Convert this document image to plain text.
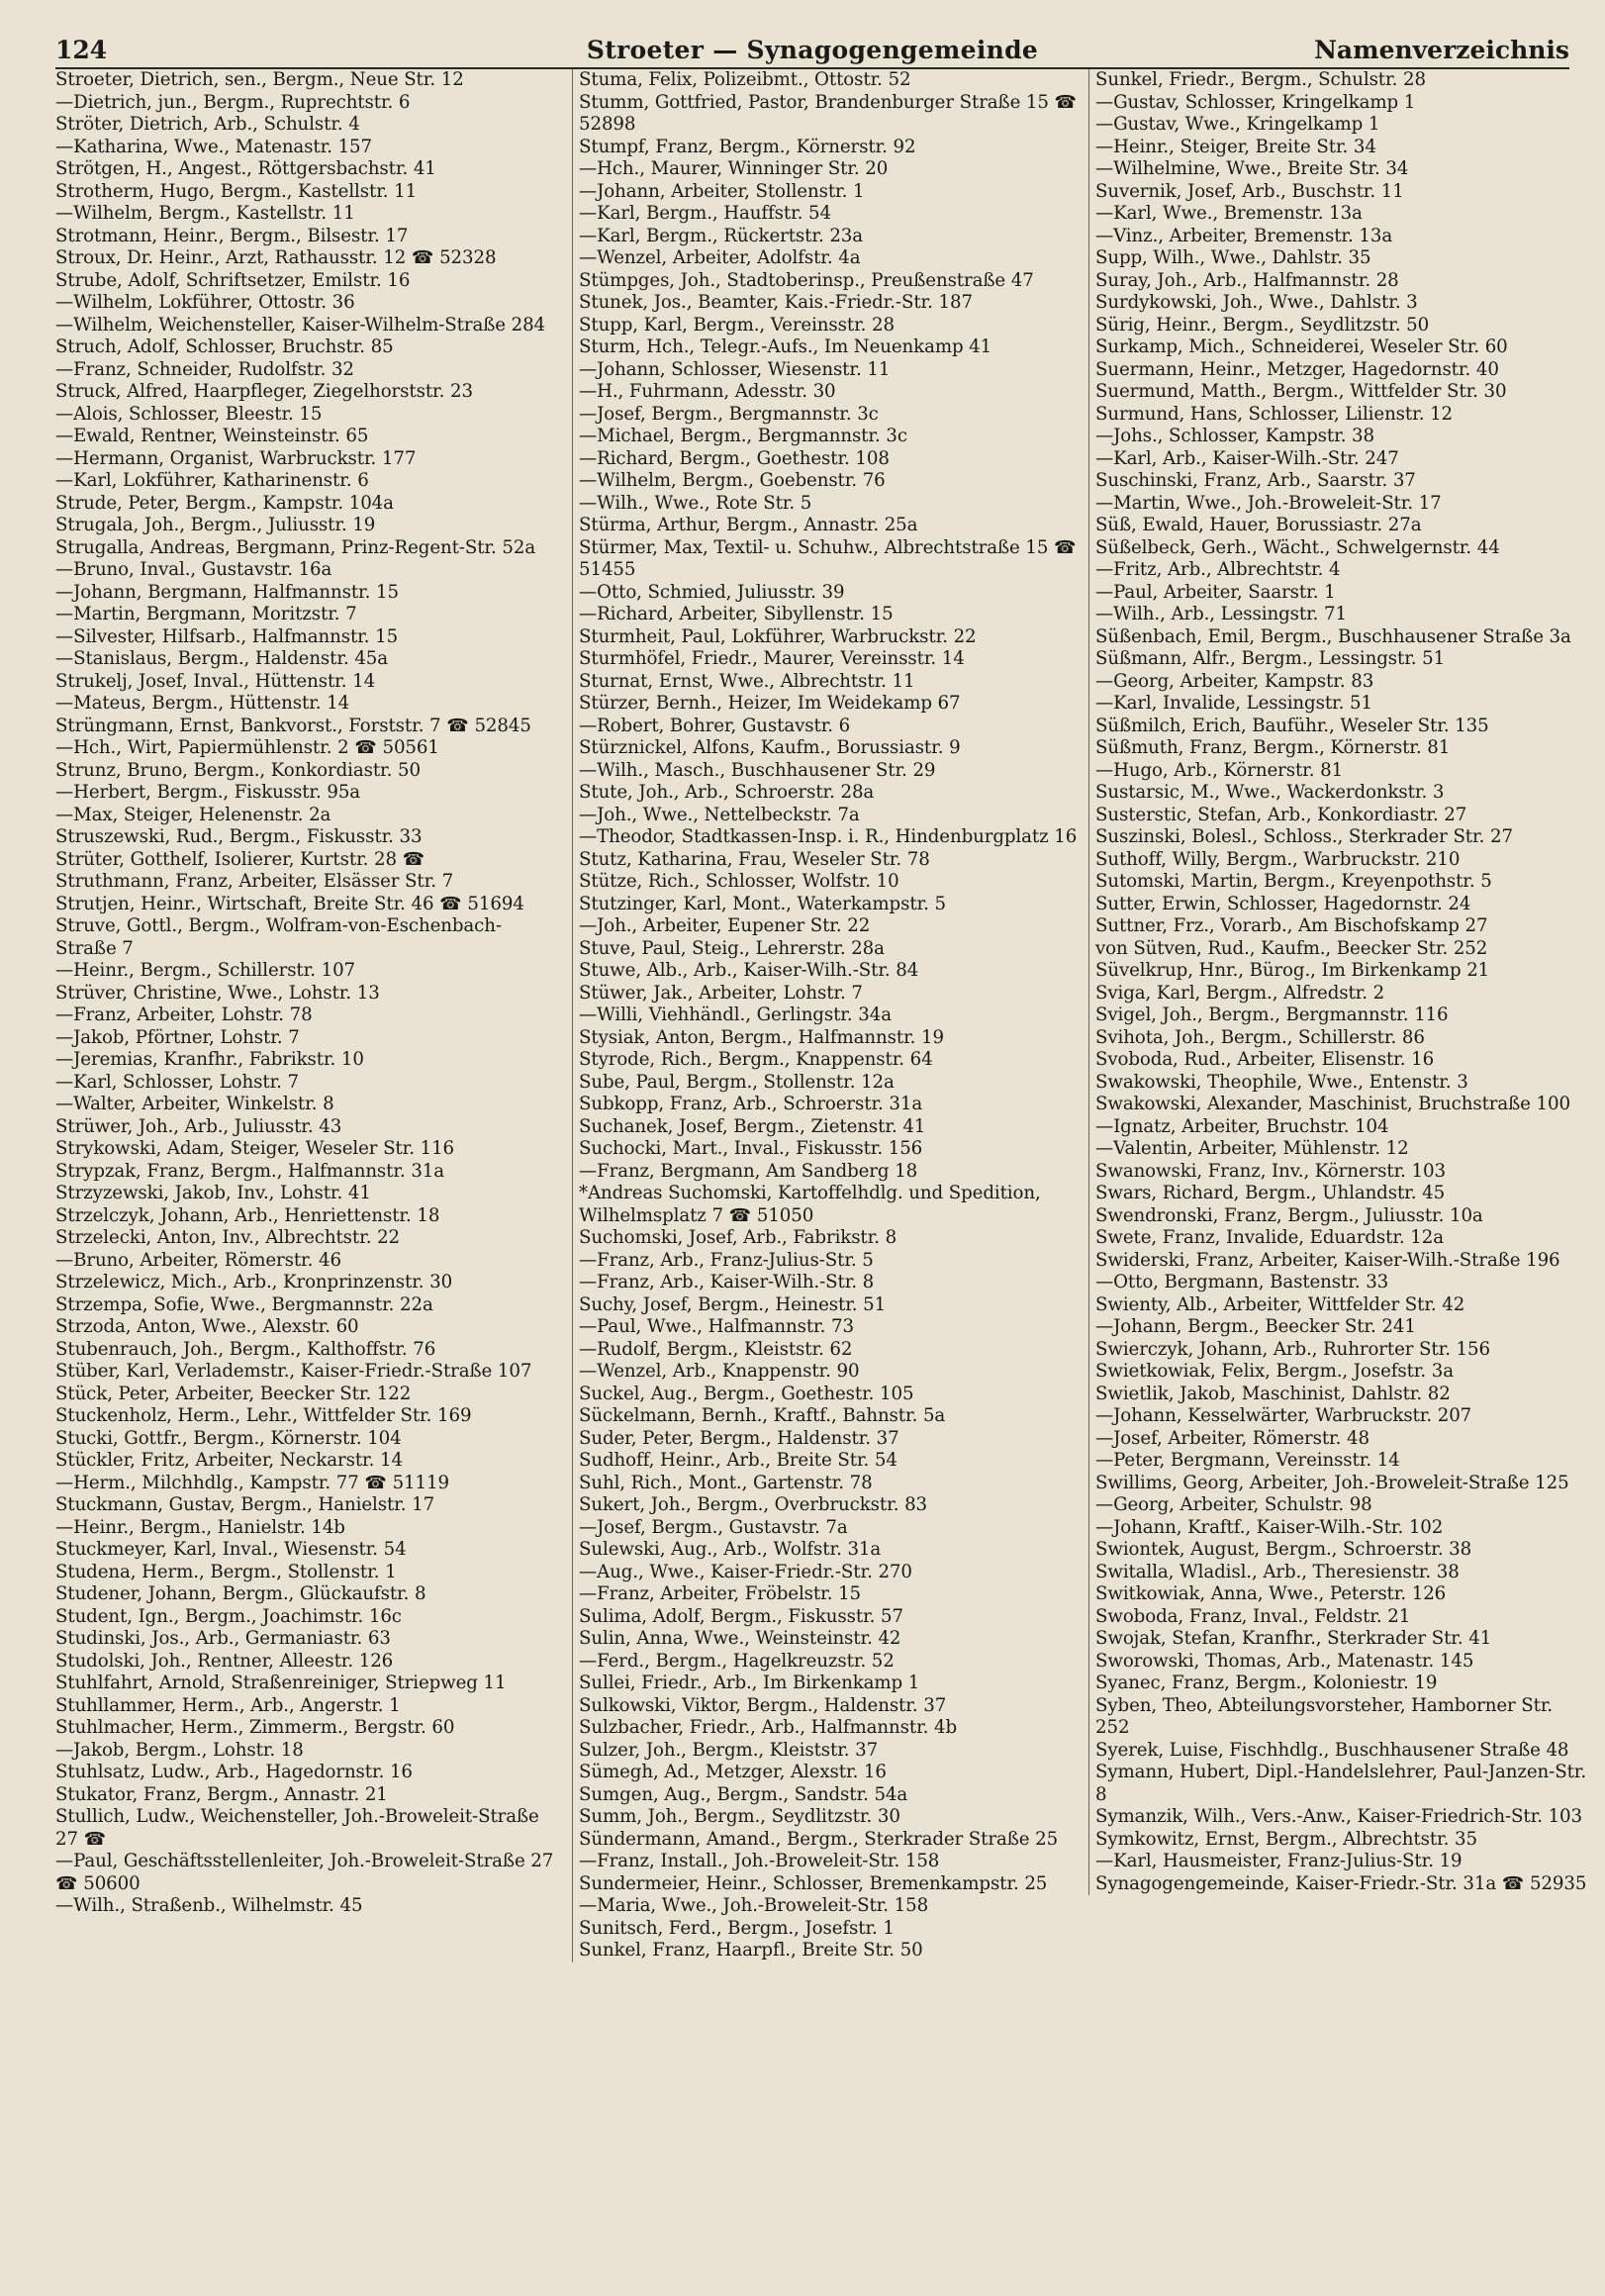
124	Stroeter — Synagogengemeinde	Namenverzeichnis
Stroeter, Dietrich, sen., Bergm., Neue Str. 12
—Dietrich, jun., Bergm., Ruprechtstr. 6
Ströter, Dietrich, Arb., Schulstr. 4
—Katharina, Wwe., Matenastr. 157
Strötgen, H., Angest., Röttgersbachstr. 41
Strotherm, Hugo, Bergm., Kastellstr. 11
—Wilhelm, Bergm., Kastellstr. 11
Strotmann, Heinr., Bergm., Bilsestr. 17
Stroux, Dr. Heinr., Arzt, Rathausstr. 12 ☎ 52328
Strube, Adolf, Schriftsetzer, Emilstr. 16
—Wilhelm, Lokführer, Ottostr. 36
—Wilhelm, Weichensteller, Kaiser-Wilhelm-Straße 284
Struch, Adolf, Schlosser, Bruchstr. 85
—Franz, Schneider, Rudolfstr. 32
Struck, Alfred, Haarpfleger, Ziegelhorststr. 23
—Alois, Schlosser, Bleestr. 15
—Ewald, Rentner, Weinsteinstr. 65
—Hermann, Organist, Warbruckstr. 177
—Karl, Lokführer, Katharinenstr. 6
Strude, Peter, Bergm., Kampstr. 104a
Strugala, Joh., Bergm., Juliusstr. 19
Strugalla, Andreas, Bergmann, Prinz-Regent-Str. 52a
—Bruno, Inval., Gustavstr. 16a
—Johann, Bergmann, Halfmannstr. 15
—Martin, Bergmann, Moritzstr. 7
—Silvester, Hilfsarb., Halfmannstr. 15
—Stanislaus, Bergm., Haldenstr. 45a
Strukelj, Josef, Inval., Hüttenstr. 14
—Mateus, Bergm., Hüttenstr. 14
Strüngmann, Ernst, Bankvorst., Forststr. 7 ☎ 52845
—Hch., Wirt, Papiermühlenstr. 2 ☎ 50561
Strunz, Bruno, Bergm., Konkordiastr. 50
—Herbert, Bergm., Fiskusstr. 95a
—Max, Steiger, Helenenstr. 2a
Struszewski, Rud., Bergm., Fiskusstr. 33
Strüter, Gotthelf, Isolierer, Kurtstr. 28 ☎
Struthmann, Franz, Arbeiter, Elsässer Str. 7
Strutjen, Heinr., Wirtschaft, Breite Str. 46 ☎ 51694
Struve, Gottl., Bergm., Wolfram-von-Eschenbach-Straße 7
—Heinr., Bergm., Schillerstr. 107
Strüver, Christine, Wwe., Lohstr. 13
—Franz, Arbeiter, Lohstr. 78
—Jakob, Pförtner, Lohstr. 7
—Jeremias, Kranfhr., Fabrikstr. 10
—Karl, Schlosser, Lohstr. 7
—Walter, Arbeiter, Winkelstr. 8
Strüwer, Joh., Arb., Juliusstr. 43
Strykowski, Adam, Steiger, Weseler Str. 116
Strypzak, Franz, Bergm., Halfmannstr. 31a
Strzyzewski, Jakob, Inv., Lohstr. 41
Strzelczyk, Johann, Arb., Henriettenstr. 18
Strzelecki, Anton, Inv., Albrechtstr. 22
—Bruno, Arbeiter, Römerstr. 46
Strzelewicz, Mich., Arb., Kronprinzenstr. 30
Strzempa, Sofie, Wwe., Bergmannstr. 22a
Strzoda, Anton, Wwe., Alexstr. 60
Stubenrauch, Joh., Bergm., Kalthoffstr. 76
Stüber, Karl, Verlademstr., Kaiser-Friedr.-Straße 107
Stück, Peter, Arbeiter, Beecker Str. 122
Stuckenholz, Herm., Lehr., Wittfelder Str. 169
Stucki, Gottfr., Bergm., Körnerstr. 104
Stückler, Fritz, Arbeiter, Neckarstr. 14
—Herm., Milchhdlg., Kampstr. 77 ☎ 51119
Stuckmann, Gustav, Bergm., Hanielstr. 17
—Heinr., Bergm., Hanielstr. 14b
Stuckmeyer, Karl, Inval., Wiesenstr. 54
Studena, Herm., Bergm., Stollenstr. 1
Studener, Johann, Bergm., Glückaufstr. 8
Student, Ign., Bergm., Joachimstr. 16c
Studinski, Jos., Arb., Germaniastr. 63
Studolski, Joh., Rentner, Alleestr. 126
Stuhlfahrt, Arnold, Straßenreiniger, Striepweg 11
Stuhllammer, Herm., Arb., Angerstr. 1
Stuhlmacher, Herm., Zimmerm., Bergstr. 60
—Jakob, Bergm., Lohstr. 18
Stuhlsatz, Ludw., Arb., Hagedornstr. 16
Stukator, Franz, Bergm., Annastr. 21
Stullich, Ludw., Weichensteller, Joh.-Broweleit-Straße 27 ☎
—Paul, Geschäftsstellenleiter, Joh.-Broweleit-Straße 27 ☎ 50600
—Wilh., Straßenb., Wilhelmstr. 45
Stuma, Felix, Polizeibmt., Ottostr. 52
Stumm, Gottfried, Pastor, Brandenburger Straße 15 ☎ 52898
Stumpf, Franz, Bergm., Körnerstr. 92
—Hch., Maurer, Winninger Str. 20
—Johann, Arbeiter, Stollenstr. 1
—Karl, Bergm., Hauffstr. 54
—Karl, Bergm., Rückertstr. 23a
—Wenzel, Arbeiter, Adolfstr. 4a
Stümpges, Joh., Stadtoberinsp., Preußenstraße 47
Stunek, Jos., Beamter, Kais.-Friedr.-Str. 187
Stupp, Karl, Bergm., Vereinsstr. 28
Sturm, Hch., Telegr.-Aufs., Im Neuenkamp 41
—Johann, Schlosser, Wiesenstr. 11
—H., Fuhrmann, Adesstr. 30
—Josef, Bergm., Bergmannstr. 3c
—Michael, Bergm., Bergmannstr. 3c
—Richard, Bergm., Goethestr. 108
—Wilhelm, Bergm., Goebenstr. 76
—Wilh., Wwe., Rote Str. 5
Stürma, Arthur, Bergm., Annastr. 25a
Stürmer, Max, Textil- u. Schuhw., Albrechtstraße 15 ☎ 51455
—Otto, Schmied, Juliusstr. 39
—Richard, Arbeiter, Sibyllenstr. 15
Sturmheit, Paul, Lokführer, Warbruckstr. 22
Sturmhöfel, Friedr., Maurer, Vereinsstr. 14
Sturnat, Ernst, Wwe., Albrechtstr. 11
Stürzer, Bernh., Heizer, Im Weidekamp 67
—Robert, Bohrer, Gustavstr. 6
Stürznickel, Alfons, Kaufm., Borussiastr. 9
—Wilh., Masch., Buschhausener Str. 29
Stute, Joh., Arb., Schroerstr. 28a
—Joh., Wwe., Nettelbeckstr. 7a
—Theodor, Stadtkassen-Insp. i. R., Hindenburgplatz 16
Stutz, Katharina, Frau, Weseler Str. 78
Stütze, Rich., Schlosser, Wolfstr. 10
Stutzinger, Karl, Mont., Waterkampstr. 5
—Joh., Arbeiter, Eupener Str. 22
Stuve, Paul, Steig., Lehrerstr. 28a
Stuwe, Alb., Arb., Kaiser-Wilh.-Str. 84
Stüwer, Jak., Arbeiter, Lohstr. 7
—Willi, Viehhändl., Gerlingstr. 34a
Stysiak, Anton, Bergm., Halfmannstr. 19
Styrode, Rich., Bergm., Knappenstr. 64
Sube, Paul, Bergm., Stollenstr. 12a
Subkopp, Franz, Arb., Schroerstr. 31a
Suchanek, Josef, Bergm., Zietenstr. 41
Suchocki, Mart., Inval., Fiskusstr. 156
—Franz, Bergmann, Am Sandberg 18
*Andreas Suchomski, Kartoffelhdlg. und Spedition, Wilhelmsplatz 7 ☎ 51050
Suchomski, Josef, Arb., Fabrikstr. 8
—Franz, Arb., Franz-Julius-Str. 5
—Franz, Arb., Kaiser-Wilh.-Str. 8
Suchy, Josef, Bergm., Heinestr. 51
—Paul, Wwe., Halfmannstr. 73
—Rudolf, Bergm., Kleiststr. 62
—Wenzel, Arb., Knappenstr. 90
Suckel, Aug., Bergm., Goethestr. 105
Sückelmann, Bernh., Kraftf., Bahnstr. 5a
Suder, Peter, Bergm., Haldenstr. 37
Sudhoff, Heinr., Arb., Breite Str. 54
Suhl, Rich., Mont., Gartenstr. 78
Sukert, Joh., Bergm., Overbruckstr. 83
—Josef, Bergm., Gustavstr. 7a
Sulewski, Aug., Arb., Wolfstr. 31a
—Aug., Wwe., Kaiser-Friedr.-Str. 270
—Franz, Arbeiter, Fröbelstr. 15
Sulima, Adolf, Bergm., Fiskusstr. 57
Sulin, Anna, Wwe., Weinsteinstr. 42
—Ferd., Bergm., Hagelkreuzstr. 52
Sullei, Friedr., Arb., Im Birkenkamp 1
Sulkowski, Viktor, Bergm., Haldenstr. 37
Sulzbacher, Friedr., Arb., Halfmannstr. 4b
Sulzer, Joh., Bergm., Kleiststr. 37
Sümegh, Ad., Metzger, Alexstr. 16
Sumgen, Aug., Bergm., Sandstr. 54a
Summ, Joh., Bergm., Seydlitzstr. 30
Sündermann, Amand., Bergm., Sterkrader Straße 25
—Franz, Install., Joh.-Broweleit-Str. 158
Sundermeier, Heinr., Schlosser, Bremenkampstr. 25
—Maria, Wwe., Joh.-Broweleit-Str. 158
Sunitsch, Ferd., Bergm., Josefstr. 1
Sunkel, Franz, Haarpfl., Breite Str. 50
Sunkel, Friedr., Bergm., Schulstr. 28
—Gustav, Schlosser, Kringelkamp 1
—Gustav, Wwe., Kringelkamp 1
—Heinr., Steiger, Breite Str. 34
—Wilhelmine, Wwe., Breite Str. 34
Suvernik, Josef, Arb., Buschstr. 11
—Karl, Wwe., Bremenstr. 13a
—Vinz., Arbeiter, Bremenstr. 13a
Supp, Wilh., Wwe., Dahlstr. 35
Suray, Joh., Arb., Halfmannstr. 28
Surdykowski, Joh., Wwe., Dahlstr. 3
Sürig, Heinr., Bergm., Seydlitzstr. 50
Surkamp, Mich., Schneiderei, Weseler Str. 60
Suermann, Heinr., Metzger, Hagedornstr. 40
Suermund, Matth., Bergm., Wittfelder Str. 30
Surmund, Hans, Schlosser, Lilienstr. 12
—Johs., Schlosser, Kampstr. 38
—Karl, Arb., Kaiser-Wilh.-Str. 247
Suschinski, Franz, Arb., Saarstr. 37
—Martin, Wwe., Joh.-Broweleit-Str. 17
Süß, Ewald, Hauer, Borussiastr. 27a
Süßelbeck, Gerh., Wächt., Schwelgernstr. 44
—Fritz, Arb., Albrechtstr. 4
—Paul, Arbeiter, Saarstr. 1
—Wilh., Arb., Lessingstr. 71
Süßenbach, Emil, Bergm., Buschhausener Straße 3a
Süßmann, Alfr., Bergm., Lessingstr. 51
—Georg, Arbeiter, Kampstr. 83
—Karl, Invalide, Lessingstr. 51
Süßmilch, Erich, Bauführ., Weseler Str. 135
Süßmuth, Franz, Bergm., Körnerstr. 81
—Hugo, Arb., Körnerstr. 81
Sustarsic, M., Wwe., Wackerdonkstr. 3
Susterstic, Stefan, Arb., Konkordiastr. 27
Suszinski, Bolesl., Schloss., Sterkrader Str. 27
Suthoff, Willy, Bergm., Warbruckstr. 210
Sutomski, Martin, Bergm., Kreyenpothstr. 5
Sutter, Erwin, Schlosser, Hagedornstr. 24
Suttner, Frz., Vorarb., Am Bischofskamp 27
von Sütven, Rud., Kaufm., Beecker Str. 252
Süvelkrup, Hnr., Bürog., Im Birkenkamp 21
Sviga, Karl, Bergm., Alfredstr. 2
Svigel, Joh., Bergm., Bergmannstr. 116
Svihota, Joh., Bergm., Schillerstr. 86
Svoboda, Rud., Arbeiter, Elisenstr. 16
Swakowski, Theophile, Wwe., Entenstr. 3
Swakowski, Alexander, Maschinist, Bruchstraße 100
—Ignatz, Arbeiter, Bruchstr. 104
—Valentin, Arbeiter, Mühlenstr. 12
Swanowski, Franz, Inv., Körnerstr. 103
Swars, Richard, Bergm., Uhlandstr. 45
Swendronski, Franz, Bergm., Juliusstr. 10a
Swete, Franz, Invalide, Eduardstr. 12a
Swiderski, Franz, Arbeiter, Kaiser-Wilh.-Straße 196
—Otto, Bergmann, Bastenstr. 33
Swienty, Alb., Arbeiter, Wittfelder Str. 42
—Johann, Bergm., Beecker Str. 241
Swierczyk, Johann, Arb., Ruhrorter Str. 156
Swietkowiak, Felix, Bergm., Josefstr. 3a
Swietlik, Jakob, Maschinist, Dahlstr. 82
—Johann, Kesselwärter, Warbruckstr. 207
—Josef, Arbeiter, Römerstr. 48
—Peter, Bergmann, Vereinsstr. 14
Swillims, Georg, Arbeiter, Joh.-Broweleit-Straße 125
—Georg, Arbeiter, Schulstr. 98
—Johann, Kraftf., Kaiser-Wilh.-Str. 102
Swiontek, August, Bergm., Schroerstr. 38
Switalla, Wladisl., Arb., Theresienstr. 38
Switkowiak, Anna, Wwe., Peterstr. 126
Swoboda, Franz, Inval., Feldstr. 21
Swojak, Stefan, Kranfhr., Sterkrader Str. 41
Sworowski, Thomas, Arb., Matenastr. 145
Syanec, Franz, Bergm., Koloniestr. 19
Syben, Theo, Abteilungsvorsteher, Hamborner Str. 252
Syerek, Luise, Fischhdlg., Buschhausener Straße 48
Symann, Hubert, Dipl.-Handelslehrer, Paul-Janzen-Str. 8
Symanzik, Wilh., Vers.-Anw., Kaiser-Friedrich-Str. 103
Symkowitz, Ernst, Bergm., Albrechtstr. 35
—Karl, Hausmeister, Franz-Julius-Str. 19
Synagogengemeinde, Kaiser-Friedr.-Str. 31a ☎ 52935
